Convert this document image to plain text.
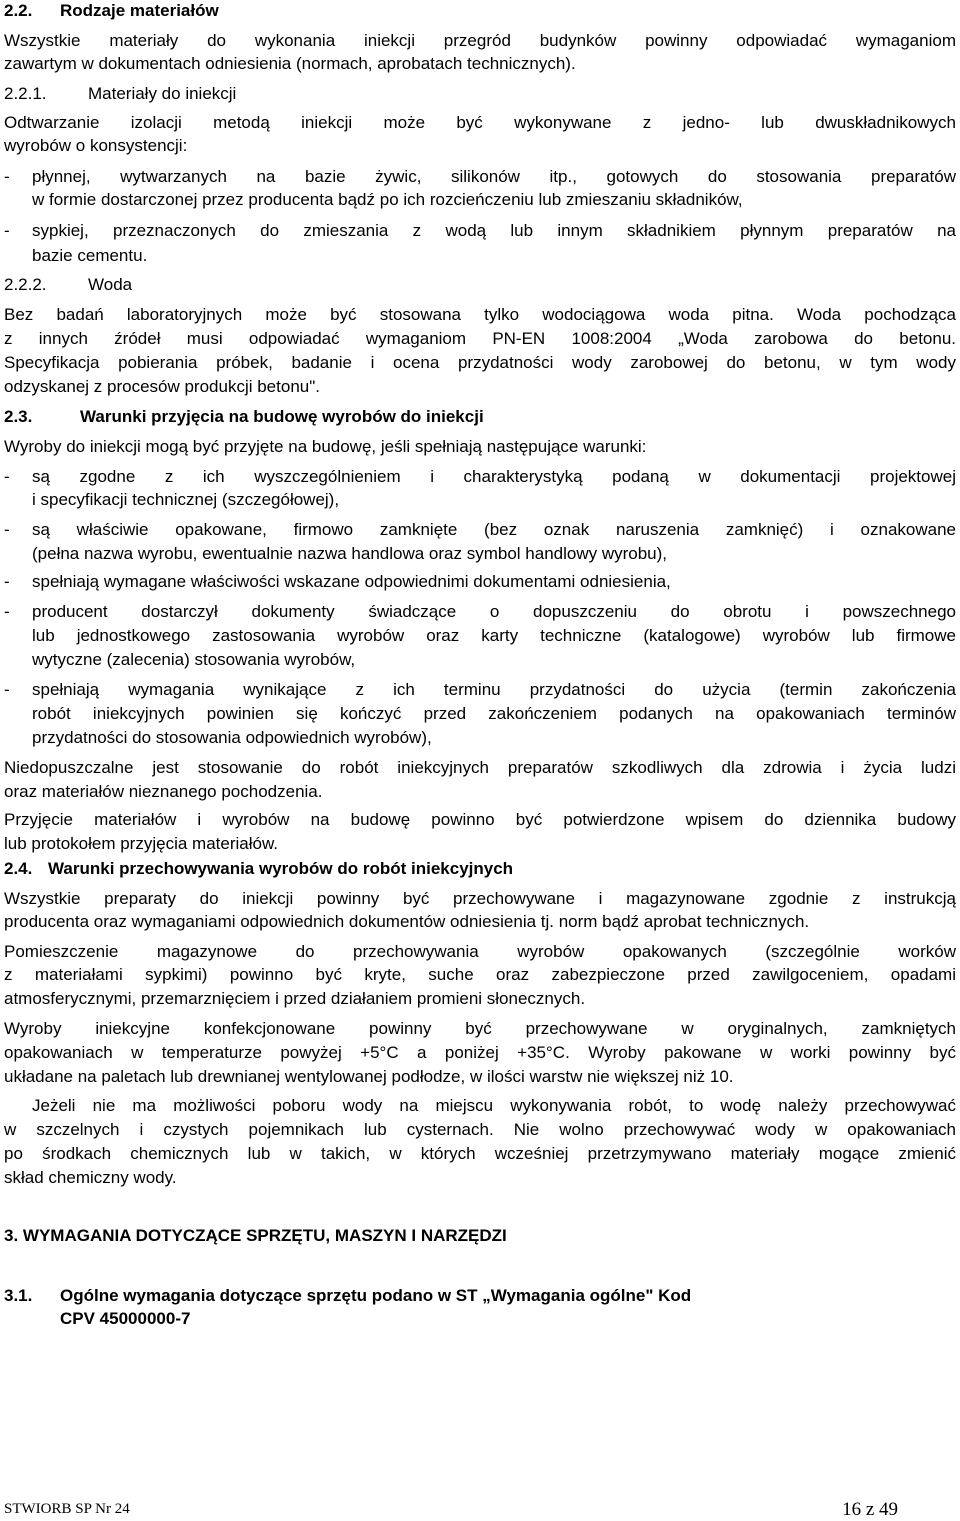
2.2. Rodzaje materiałów
Wszystkie materiały do wykonania iniekcji przegród budynków powinny odpowiadać wymaganiom
zawartym w dokumentach odniesienia (normach, aprobatach technicznych).
2.2.1. Materiały do iniekcji
Odtwarzanie izolacji metodą iniekcji może być wykonywane z jedno- lub dwuskładnikowych
wyrobów o konsystencji:
- płynnej, wytwarzanych na bazie żywic, silikonów itp., gotowych do stosowania preparatów
w formie dostarczonej przez producenta bądź po ich rozcieńczeniu lub zmieszaniu składników,
- sypkiej, przeznaczonych do zmieszania z wodą lub innym składnikiem płynnym preparatów na
bazie cementu.
2.2.2. Woda
Bez badań laboratoryjnych może być stosowana tylko wodociągowa woda pitna. Woda pochodząca
z innych źródeł musi odpowiadać wymaganiom PN-EN 1008:2004 „Woda zarobowa do betonu.
Specyfikacja pobierania próbek, badanie i ocena przydatności wody zarobowej do betonu, w tym wody
odzyskanej z procesów produkcji betonu".
2.3.	Warunki przyjęcia na budowę wyrobów do iniekcji
Wyroby do iniekcji mogą być przyjęte na budowę, jeśli spełniają następujące warunki:
- są zgodne z ich wyszczególnieniem i charakterystyką podaną w dokumentacji projektowej
i specyfikacji technicznej (szczegółowej),
- są właściwie opakowane, firmowo zamknięte (bez oznak naruszenia zamknięć) i oznakowane
(pełna nazwa wyrobu, ewentualnie nazwa handlowa oraz symbol handlowy wyrobu),
- spełniają wymagane właściwości wskazane odpowiednimi dokumentami odniesienia,
- producent dostarczył dokumenty świadczące o dopuszczeniu do obrotu i powszechnego
lub jednostkowego zastosowania wyrobów oraz karty techniczne (katalogowe) wyrobów lub firmowe
wytyczne (zalecenia) stosowania wyrobów,
- spełniają wymagania wynikające z ich terminu przydatności do użycia (termin zakończenia
robót iniekcyjnych powinien się kończyć przed zakończeniem podanych na opakowaniach terminów
przydatności do stosowania odpowiednich wyrobów),
Niedopuszczalne jest stosowanie do robót iniekcyjnych preparatów szkodliwych dla zdrowia i życia ludzi
oraz materiałów nieznanego pochodzenia.
Przyjęcie materiałów i wyrobów na budowę powinno być potwierdzone wpisem do dziennika budowy
lub protokołem przyjęcia materiałów.
2.4. Warunki przechowywania wyrobów do robót iniekcyjnych
Wszystkie preparaty do iniekcji powinny być przechowywane i magazynowane zgodnie z instrukcją
producenta oraz wymaganiami odpowiednich dokumentów odniesienia tj. norm bądź aprobat technicznych.
Pomieszczenie magazynowe do przechowywania wyrobów opakowanych (szczególnie worków
z materiałami sypkimi) powinno być kryte, suche oraz zabezpieczone przed zawilgoceniem, opadami
atmosferycznymi, przemarznięciem i przed działaniem promieni słonecznych.
Wyroby iniekcyjne konfekcjonowane powinny być przechowywane w oryginalnych, zamkniętych
opakowaniach w temperaturze powyżej +5°C a poniżej +35°C. Wyroby pakowane w worki powinny być
układane na paletach lub drewnianej wentylowanej podłodze, w ilości warstw nie większej niż 10.
Jeżeli nie ma możliwości poboru wody na miejscu wykonywania robót, to wodę należy przechowywać
w szczelnych i czystych pojemnikach lub cysternach. Nie wolno przechowywać wody w opakowaniach
po środkach chemicznych lub w takich, w których wcześniej przetrzymywano materiały mogące zmienić
skład chemiczny wody.
3. WYMAGANIA DOTYCZĄCE SPRZĘTU, MASZYN I NARZĘDZI
3.1. Ogólne wymagania dotyczące sprzętu podano w ST „Wymagania ogólne" Kod
CPV 45000000-7
STWIORB SP Nr 24	16 z 49
